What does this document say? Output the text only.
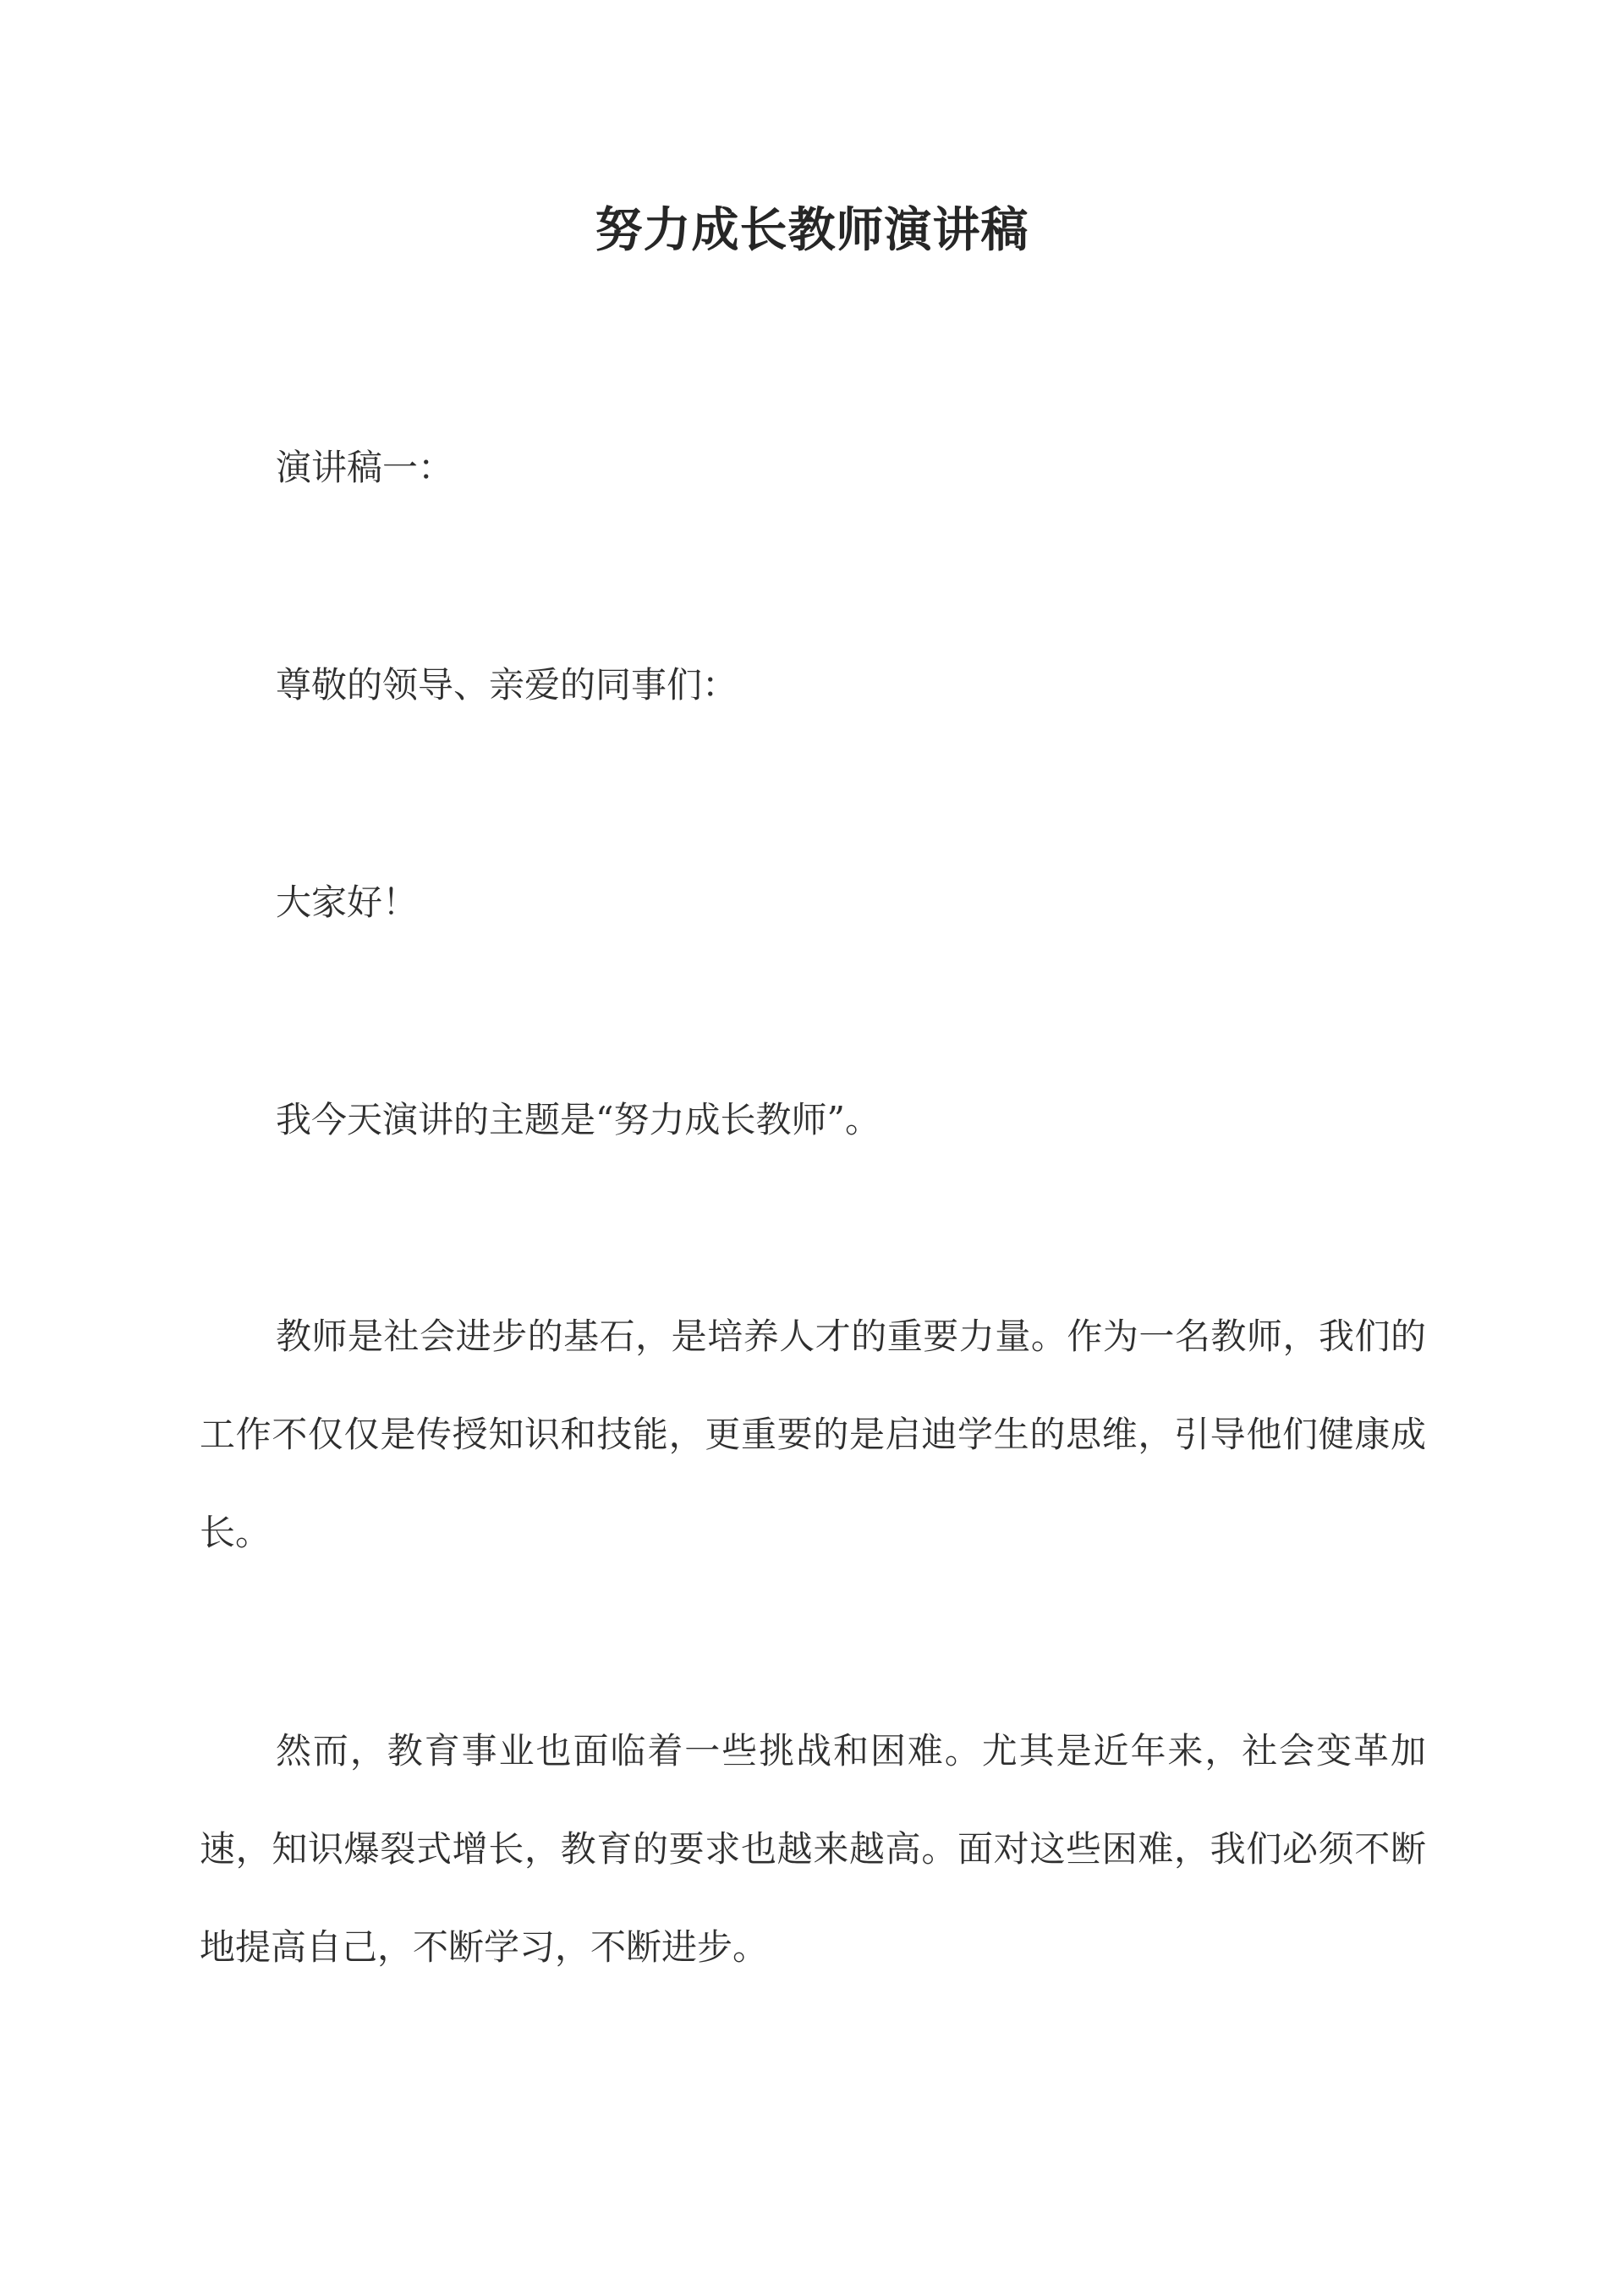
努力成长教师演讲稿

演讲稿一：

尊敬的领导、亲爱的同事们：

大家好！

我今天演讲的主题是“努力成长教师”。

教师是社会进步的基石，是培养人才的重要力量。作为一名教师，我们的工作不仅仅是传授知识和技能，更重要的是启迪学生的思维，引导他们健康成长。

然而，教育事业也面临着一些挑战和困难。尤其是近年来，社会变革加速，知识爆裂式增长，教育的要求也越来越高。面对这些困难，我们必须不断地提高自己，不断学习，不断进步。
